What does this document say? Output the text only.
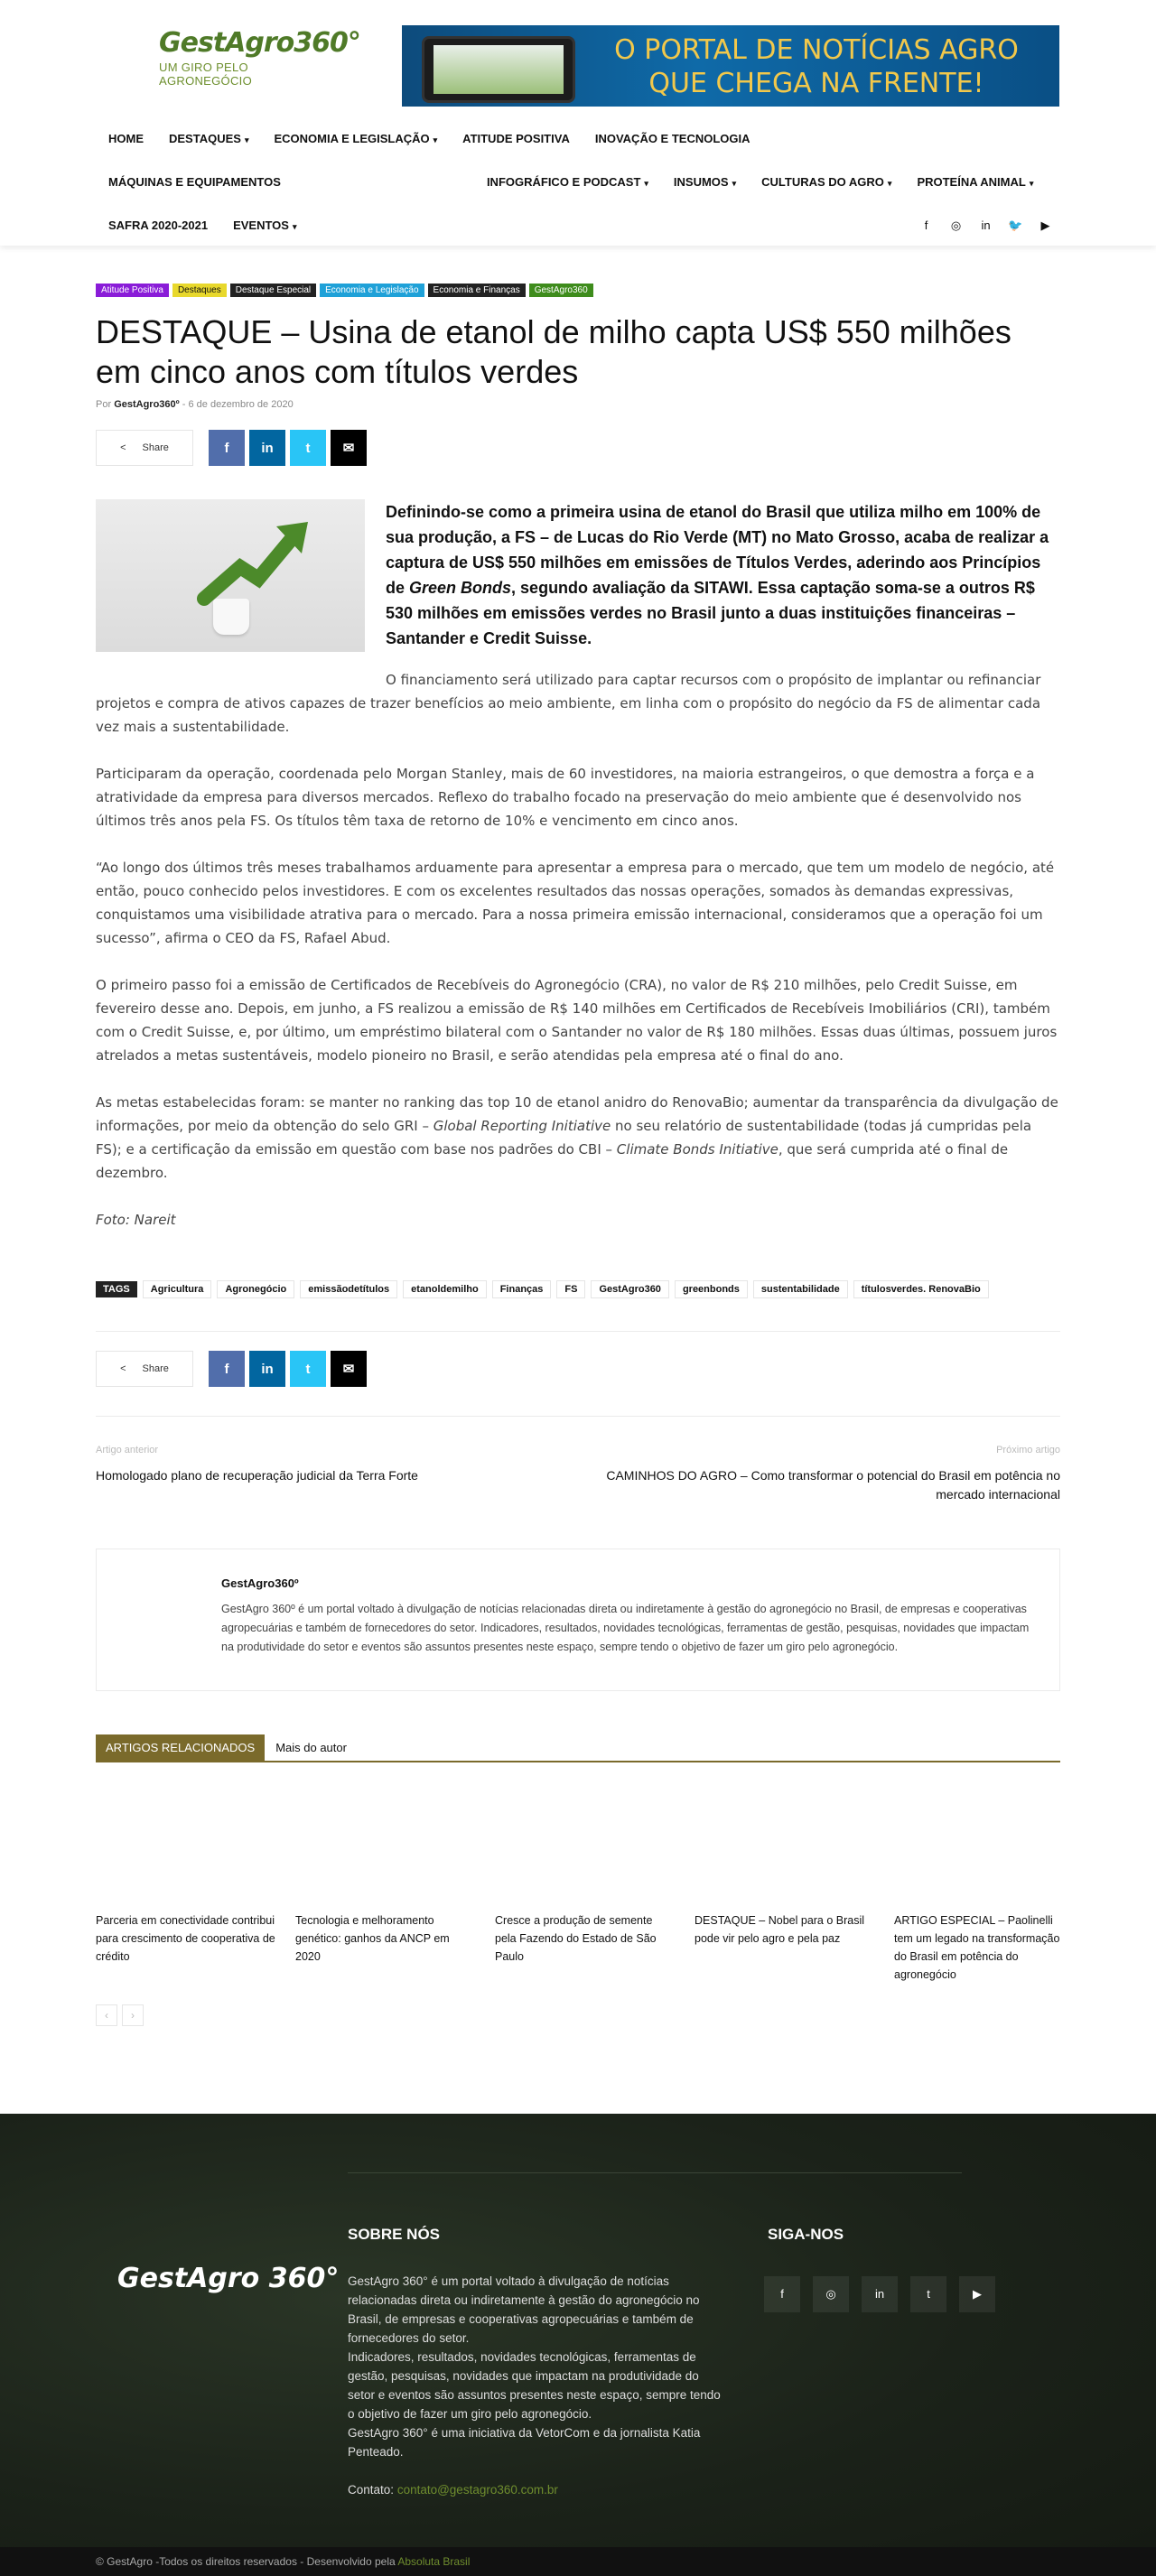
GestAgro360°
UM GIRO PELO AGRONEGÓCIO
O PORTAL DE NOTÍCIAS AGRO
QUE CHEGA NA FRENTE!
HOME	DESTAQUES ▾	ECONOMIA E LEGISLAÇÃO ▾	ATITUDE POSITIVA	INOVAÇÃO E TECNOLOGIA
MÁQUINAS E EQUIPAMENTOS	INFOGRÁFICO E PODCAST ▾	INSUMOS ▾	CULTURAS DO AGRO ▾	PROTEÍNA ANIMAL ▾
SAFRA 2020-2021	EVENTOS ▾	f	◎	in	🐦	▶
Atitude Positiva	Destaques	Destaque Especial	Economia e Legislação	Economia e Finanças	GestAgro360
DESTAQUE – Usina de etanol de milho capta US$ 550 milhões em cinco anos com títulos verdes
Por GestAgro360º - 6 de dezembro de 2020
< Share	f in t ✉
Definindo-se como a primeira usina de etanol do Brasil que utiliza milho em 100% de sua produção, a FS – de Lucas do Rio Verde (MT) no Mato Grosso, acaba de realizar a captura de US$ 550 milhões em emissões de Títulos Verdes, aderindo aos Princípios de Green Bonds, segundo avaliação da SITAWI. Essa captação soma-se a outros R$ 530 milhões em emissões verdes no Brasil junto a duas instituições financeiras – Santander e Credit Suisse.

O financiamento será utilizado para captar recursos com o propósito de implantar ou refinanciar projetos e compra de ativos capazes de trazer benefícios ao meio ambiente, em linha com o propósito do negócio da FS de alimentar cada vez mais a sustentabilidade.

Participaram da operação, coordenada pelo Morgan Stanley, mais de 60 investidores, na maioria estrangeiros, o que demostra a força e a atratividade da empresa para diversos mercados. Reflexo do trabalho focado na preservação do meio ambiente que é desenvolvido nos últimos três anos pela FS. Os títulos têm taxa de retorno de 10% e vencimento em cinco anos.

“Ao longo dos últimos três meses trabalhamos arduamente para apresentar a empresa para o mercado, que tem um modelo de negócio, até então, pouco conhecido pelos investidores. E com os excelentes resultados das nossas operações, somados às demandas expressivas, conquistamos uma visibilidade atrativa para o mercado. Para a nossa primeira emissão internacional, consideramos que a operação foi um sucesso”, afirma o CEO da FS, Rafael Abud.

O primeiro passo foi a emissão de Certificados de Recebíveis do Agronegócio (CRA), no valor de R$ 210 milhões, pelo Credit Suisse, em fevereiro desse ano. Depois, em junho, a FS realizou a emissão de R$ 140 milhões em Certificados de Recebíveis Imobiliários (CRI), também com o Credit Suisse, e, por último, um empréstimo bilateral com o Santander no valor de R$ 180 milhões. Essas duas últimas, possuem juros atrelados a metas sustentáveis, modelo pioneiro no Brasil, e serão atendidas pela empresa até o final do ano.

As metas estabelecidas foram: se manter no ranking das top 10 de etanol anidro do RenovaBio; aumentar da transparência da divulgação de informações, por meio da obtenção do selo GRI – Global Reporting Initiative no seu relatório de sustentabilidade (todas já cumpridas pela FS); e a certificação da emissão em questão com base nos padrões do CBI – Climate Bonds Initiative, que será cumprida até o final de dezembro.

Foto: Nareit

TAGS	Agricultura	Agronegócio	emissãodetítulos	etanoldemilho	Finanças	FS	GestAgro360	greenbonds	sustentabilidade	títulosverdes. RenovaBio
< Share	f in t ✉
Artigo anterior
Homologado plano de recuperação judicial da Terra Forte
Próximo artigo
CAMINHOS DO AGRO – Como transformar o potencial do Brasil em potência no mercado internacional
GestAgro360º
GestAgro 360º é um portal voltado à divulgação de notícias relacionadas direta ou indiretamente à gestão do agronegócio no Brasil, de empresas e cooperativas agropecuárias e também de fornecedores do setor. Indicadores, resultados, novidades tecnológicas, ferramentas de gestão, pesquisas, novidades que impactam na produtividade do setor e eventos são assuntos presentes neste espaço, sempre tendo o objetivo de fazer um giro pelo agronegócio.
ARTIGOS RELACIONADOS	Mais do autor
Parceria em conectividade contribui para crescimento de cooperativa de crédito
Tecnologia e melhoramento genético: ganhos da ANCP em 2020
Cresce a produção de semente pela Fazendo do Estado de São Paulo
DESTAQUE – Nobel para o Brasil pode vir pelo agro e pela paz
ARTIGO ESPECIAL – Paolinelli tem um legado na transformação do Brasil em potência do agronegócio
‹	›
GestAgro 360°
SOBRE NÓS	SIGA-NOS
GestAgro 360° é um portal voltado à divulgação de notícias relacionadas direta ou indiretamente à gestão do agronegócio no Brasil, de empresas e cooperativas agropecuárias e também de fornecedores do setor.
Indicadores, resultados, novidades tecnológicas, ferramentas de gestão, pesquisas, novidades que impactam na produtividade do setor e eventos são assuntos presentes neste espaço, sempre tendo o objetivo de fazer um giro pelo agronegócio.
GestAgro 360° é uma iniciativa da VetorCom e da jornalista Katia Penteado.
Contato: contato@gestagro360.com.br
f	◎	in	t	▶
© GestAgro -Todos os direitos reservados - Desenvolvido pela Absoluta Brasil
